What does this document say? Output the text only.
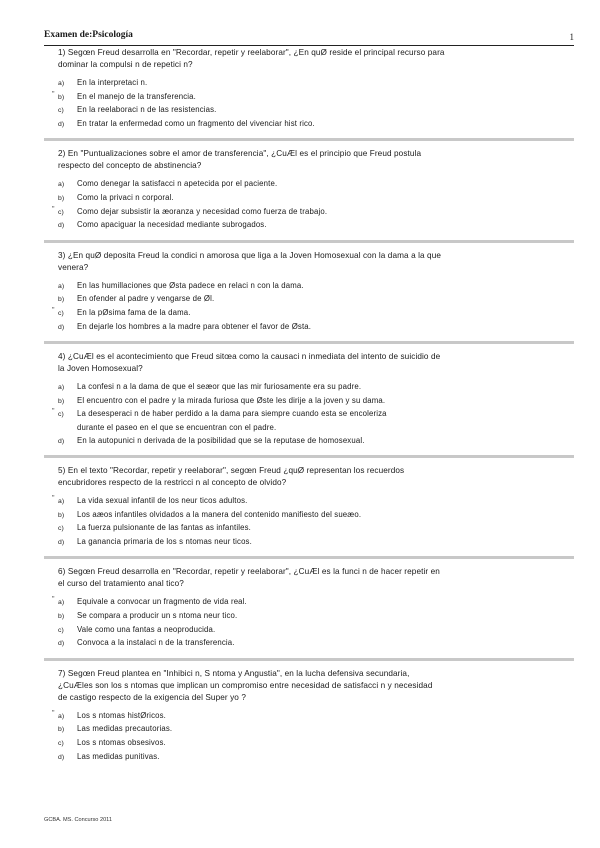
Examen de:Psicología	1
1) Segœn Freud desarrolla en "Recordar, repetir y reelaborar", ¿En quØ reside el principal recurso para
dominar la compulsi n de repetici n?
a)	En la interpretaci n.
" b)	En el manejo de la transferencia.
c)	En la reelaboraci n de las resistencias.
d)	En tratar la enfermedad como un fragmento del vivenciar hist rico.
2) En "Puntualizaciones sobre el amor de transferencia", ¿CuÆl es el principio que Freud postula
respecto del concepto de abstinencia?
a)	Como denegar la satisfacci n apetecida por el paciente.
b)	Como la privaci n corporal.
" c)	Como dejar subsistir la æoranza y necesidad como fuerza de trabajo.
d)	Como apaciguar la necesidad mediante subrogados.
3) ¿En quØ deposita Freud la condici n amorosa que liga a la Joven Homosexual con la dama a la que
venera?
a)	En las humillaciones que Østa padece en relaci n con la dama.
b)	En ofender al padre y vengarse de Øl.
" c)	En la pØsima fama de la dama.
d)	En dejarle los hombres a la madre para obtener el favor de Østa.
4) ¿CuÆl es el acontecimiento que Freud sitœa como la causaci n inmediata del intento de suicidio de
la Joven Homosexual?
a)	La confesi n a la dama de que el seæor que las mir furiosamente era su padre.
b)	El encuentro con el padre y la mirada furiosa que Øste les dirije a la joven y su dama.
" c)	La desesperaci n de haber perdido a la dama para siempre cuando esta se encoleriza
durante el paseo en el que se encuentran con el padre.
d)	En la autopunici n derivada de la posibilidad que se la reputase de homosexual.
5) En el texto "Recordar, repetir y reelaborar", segœn Freud ¿quØ representan los recuerdos
encubridores respecto de la restricci n al concepto de olvido?
" a)	La vida sexual infantil de los neur ticos adultos.
b)	Los aæos infantiles olvidados a la manera del contenido manifiesto del sueæo.
c)	La fuerza pulsionante de las fantas as infantiles.
d)	La ganancia primaria de los s ntomas neur ticos.
6) Segœn Freud desarrolla en "Recordar, repetir y reelaborar", ¿CuÆl es la funci n de hacer repetir en
el curso del tratamiento anal tico?
" a)	Equivale a convocar un fragmento de vida real.
b)	Se compara a producir un s ntoma neur tico.
c)	Vale como una fantas a neoproducida.
d)	Convoca a la instalaci n de la transferencia.
7) Segœn Freud plantea en "Inhibici n, S ntoma y Angustia", en la lucha defensiva secundaria,
¿CuÆles son los s ntomas que implican un compromiso entre necesidad de satisfacci n y necesidad
de castigo respecto de la exigencia del Super yo ?
" a)	Los s ntomas histØricos.
b)	Las medidas precautorias.
c)	Los s ntomas obsesivos.
d)	Las medidas punitivas.
GCBA. MS. Concurso 2011
